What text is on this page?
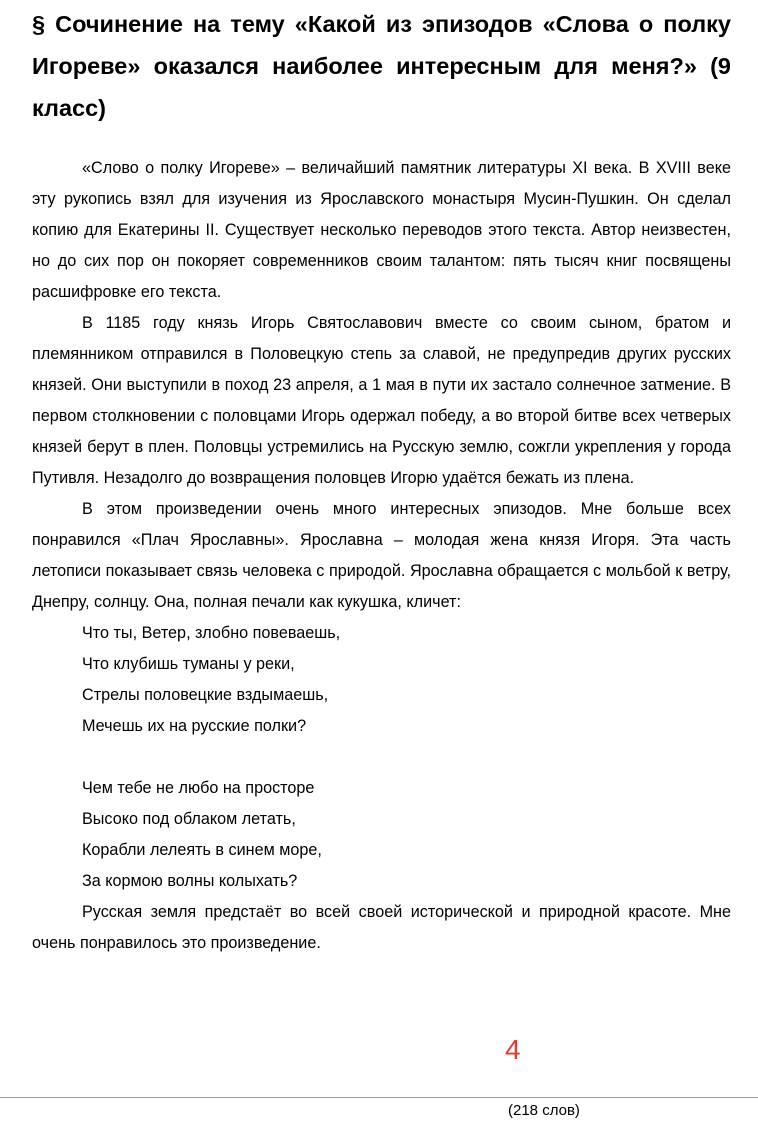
§ Сочинение на тему «Какой из эпизодов «Слова о полку Игореве» оказался наиболее интересным для меня?» (9 класс)

«Слово о полку Игореве» – величайший памятник литературы XI века. В XVIII веке эту рукопись взял для изучения из Ярославского монастыря Мусин-Пушкин. Он сделал копию для Екатерины II. Существует несколько переводов этого текста. Автор неизвестен, но до сих пор он покоряет современников своим талантом: пять тысяч книг посвящены расшифровке его текста.

В 1185 году князь Игорь Святославович вместе со своим сыном, братом и племянником отправился в Половецкую степь за славой, не предупредив других русских князей. Они выступили в поход 23 апреля, а 1 мая в пути их застало солнечное затмение. В первом столкновении с половцами Игорь одержал победу, а во второй битве всех четверых князей берут в плен. Половцы устремились на Русскую землю, сожгли укрепления у города Путивля. Незадолго до возвращения половцев Игорю удаётся бежать из плена.

В этом произведении очень много интересных эпизодов. Мне больше всех понравился «Плач Ярославны». Ярославна – молодая жена князя Игоря. Эта часть летописи показывает связь человека с природой. Ярославна обращается с мольбой к ветру, Днепру, солнцу. Она, полная печали как кукушка, кличет:

Что ты, Ветер, злобно повеваешь,
Что клубишь туманы у реки,
Стрелы половецкие вздымаешь,
Мечешь их на русские полки?
Чем тебе не любо на просторе
Высоко под облаком летать,
Корабли лелеять в синем море,
За кормою волны колыхать?

Русская земля предстаёт во всей своей исторической и природной красоте. Мне очень понравилось это произведение.

4
(218 слов)
